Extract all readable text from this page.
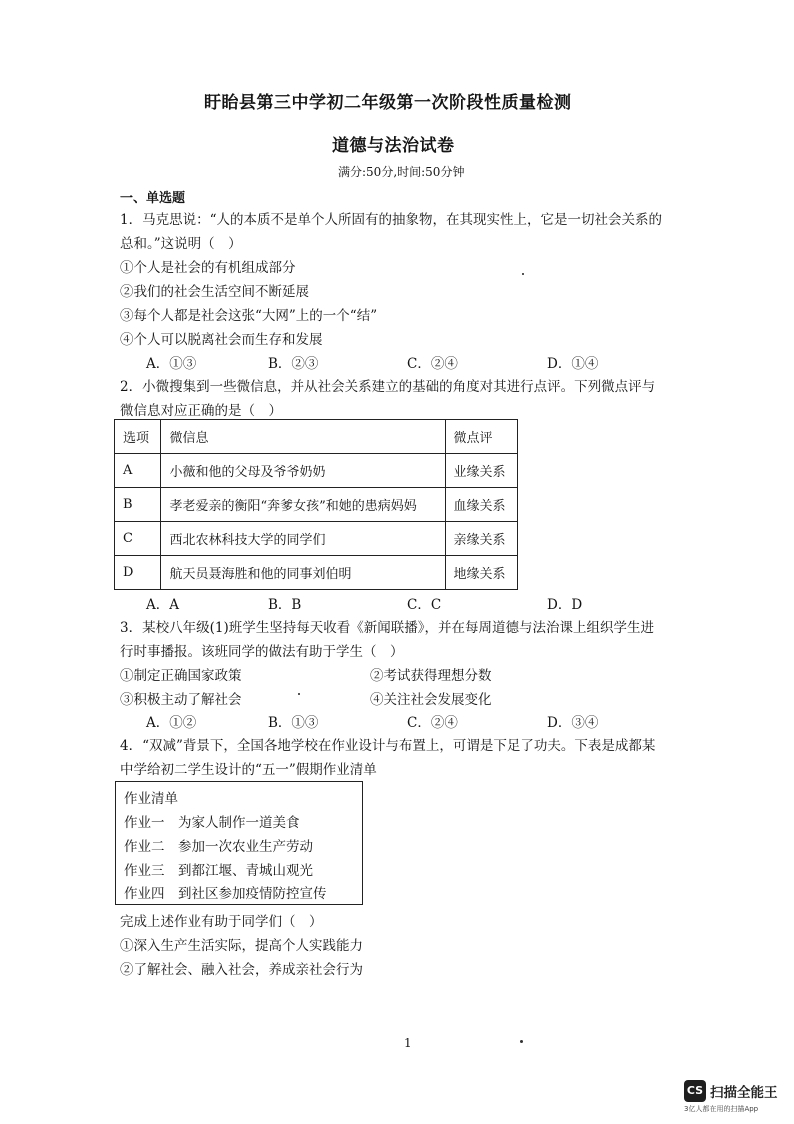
盱眙县第三中学初二年级第一次阶段性质量检测
道德与法治试卷
满分:50分,时间:50分钟
一、单选题
1．马克思说：“人的本质不是单个人所固有的抽象物，在其现实性上，它是一切社会关系的
总和。”这说明（　）
①个人是社会的有机组成部分
②我们的社会生活空间不断延展
③每个人都是社会这张“大网”上的一个“结”
④个人可以脱离社会而生存和发展
A．①③	B．②③	C．②④	D．①④
2．小微搜集到一些微信息，并从社会关系建立的基础的角度对其进行点评。下列微点评与
微信息对应正确的是（　）
选项	微信息	微点评
A	小薇和他的父母及爷爷奶奶	业缘关系
B	孝老爱亲的衡阳“奔爹女孩”和她的患病妈妈	血缘关系
C	西北农林科技大学的同学们	亲缘关系
D	航天员聂海胜和他的同事刘伯明	地缘关系
A．A	B．B	C．C	D．D
3．某校八年级(1)班学生坚持每天收看《新闻联播》，并在每周道德与法治课上组织学生进
行时事播报。该班同学的做法有助于学生（　）
①制定正确国家政策	②考试获得理想分数
③积极主动了解社会	④关注社会发展变化
A．①②	B．①③	C．②④	D．③④
4．“双减”背景下，全国各地学校在作业设计与布置上，可谓是下足了功夫。下表是成都某
中学给初二学生设计的“五一”假期作业清单
作业清单
作业一　为家人制作一道美食
作业二　参加一次农业生产劳动
作业三　到都江堰、青城山观光
作业四　到社区参加疫情防控宣传
完成上述作业有助于同学们（　）
①深入生产生活实际，提高个人实践能力
②了解社会、融入社会，养成亲社会行为
1
CS 扫描全能王
3亿人都在用的扫描App
